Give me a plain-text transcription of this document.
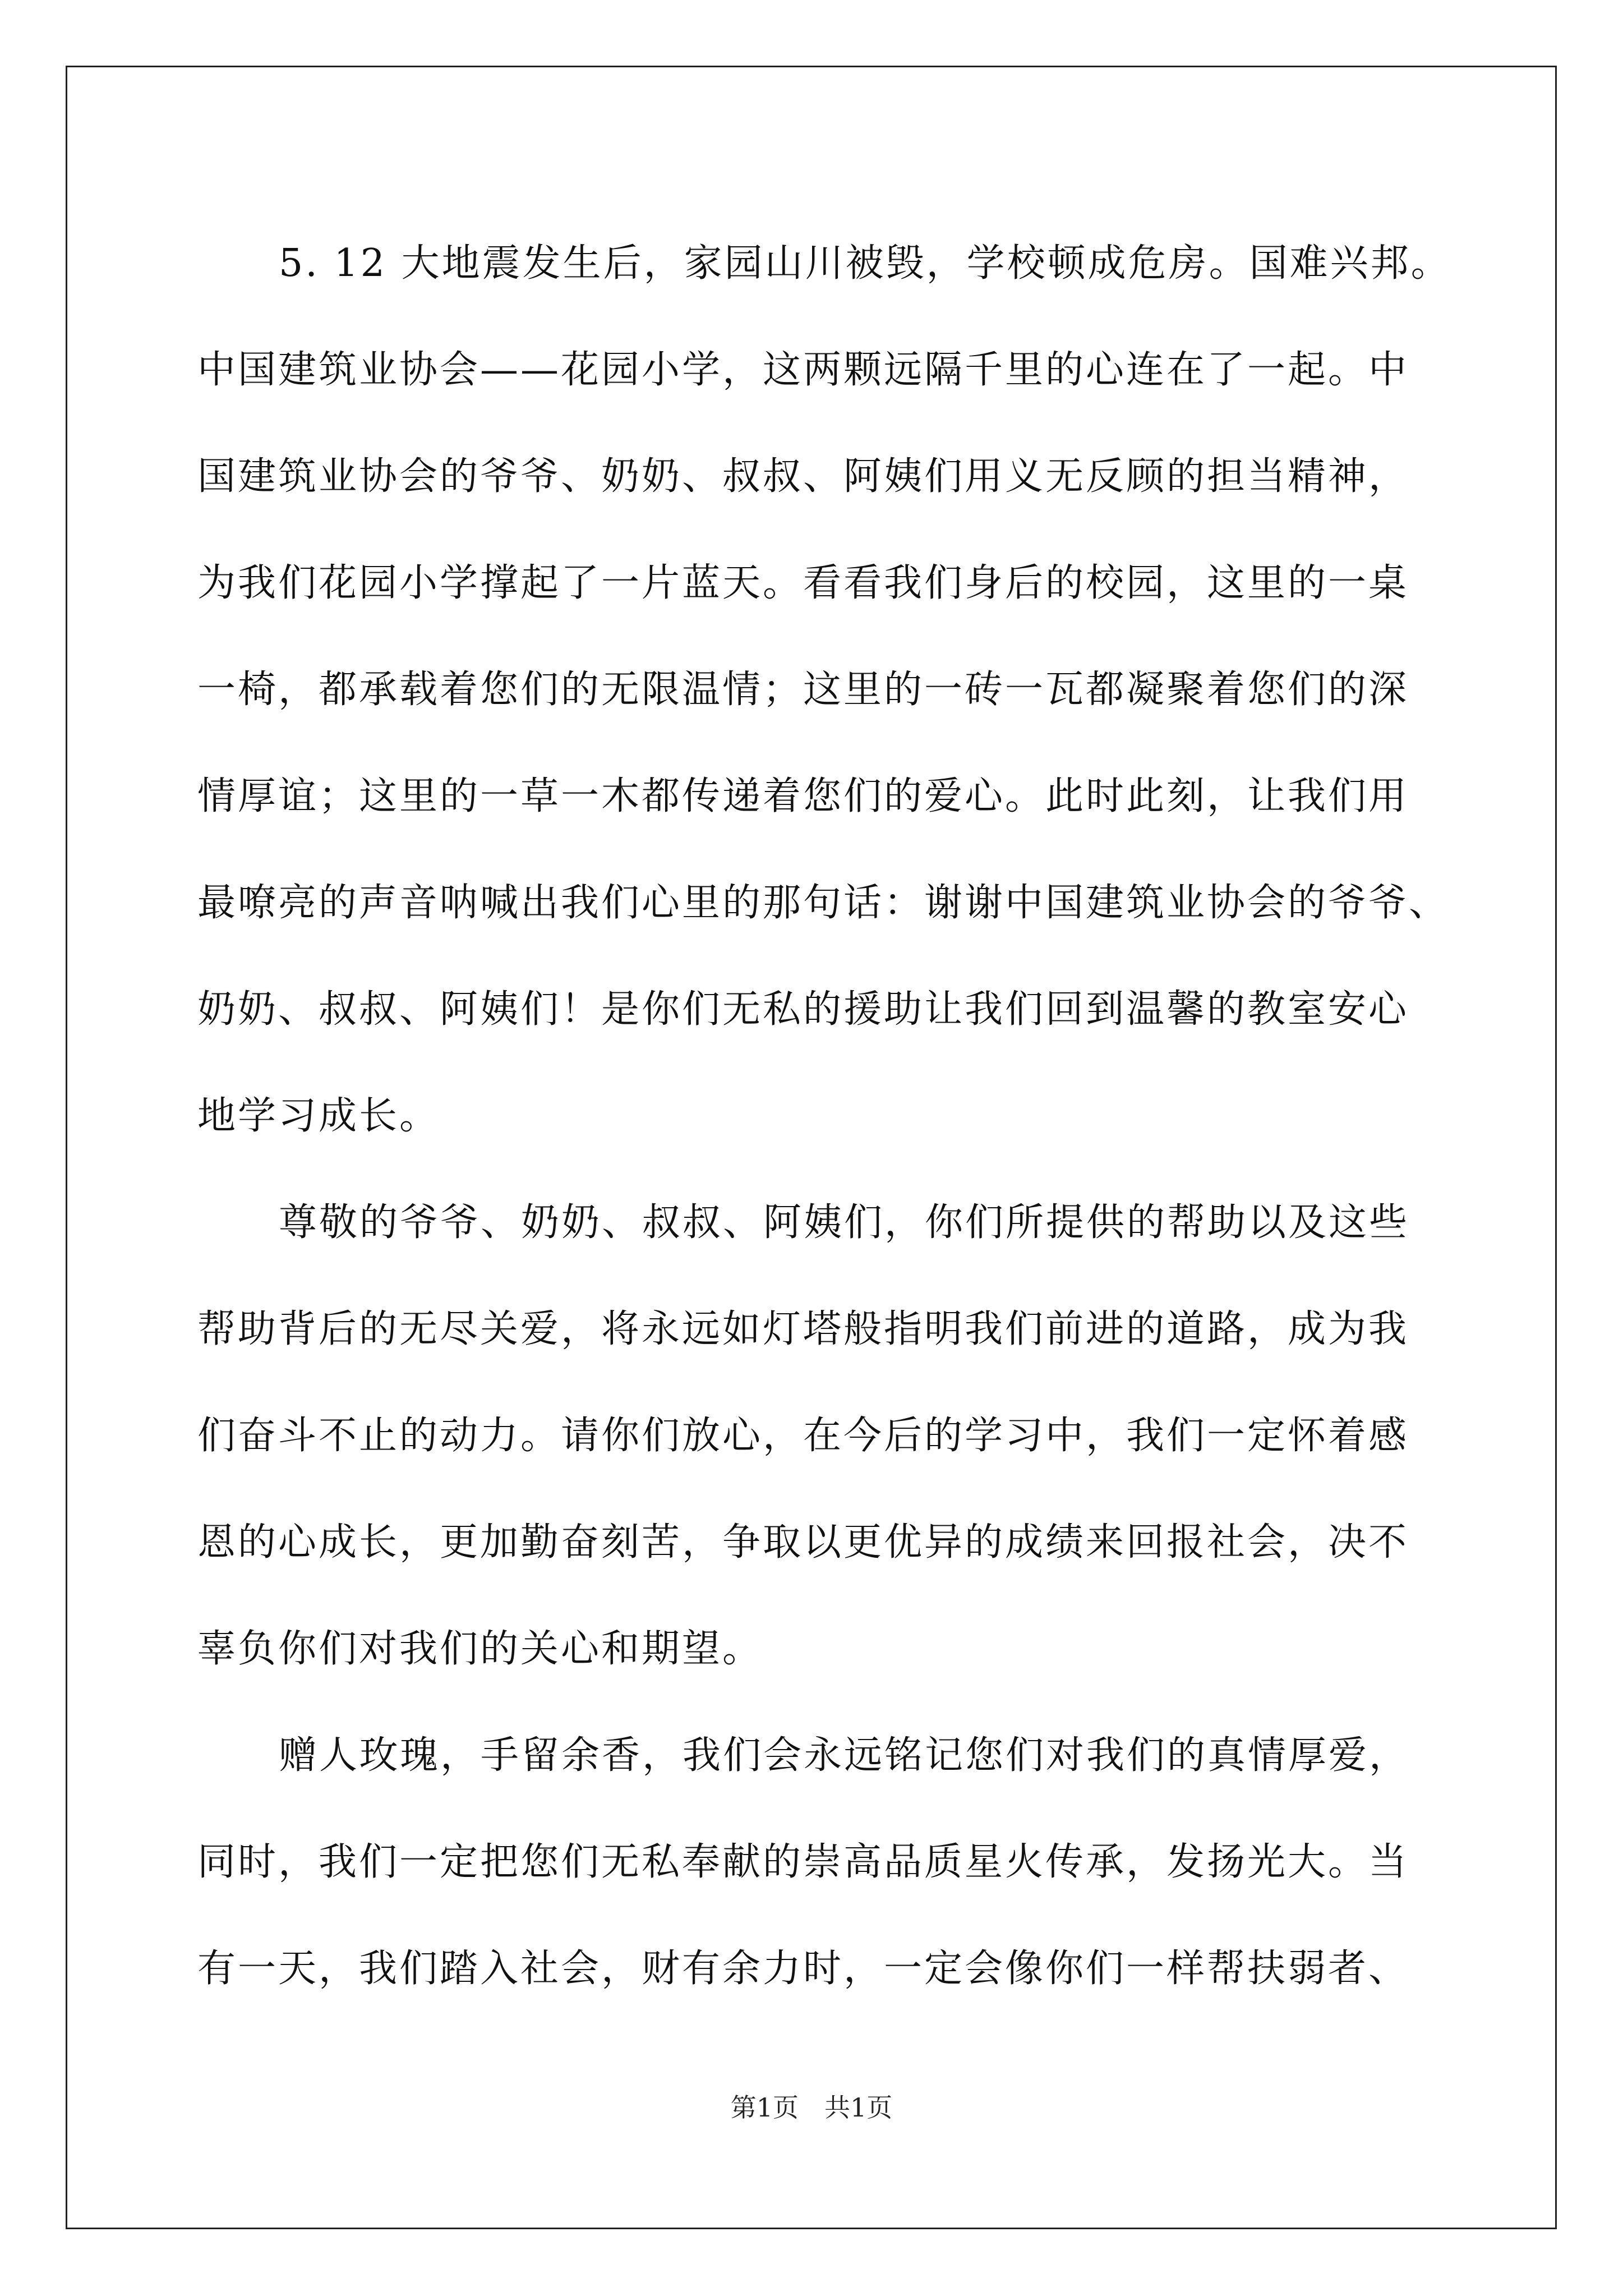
5. 12 大地震发生后，家园山川被毁，学校顿成危房。国难兴邦。
中国建筑业协会——花园小学，这两颗远隔千里的心连在了一起。中
国建筑业协会的爷爷、奶奶、叔叔、阿姨们用义无反顾的担当精神，
为我们花园小学撑起了一片蓝天。看看我们身后的校园，这里的一桌
一椅，都承载着您们的无限温情；这里的一砖一瓦都凝聚着您们的深
情厚谊；这里的一草一木都传递着您们的爱心。此时此刻，让我们用
最嘹亮的声音呐喊出我们心里的那句话：谢谢中国建筑业协会的爷爷、
奶奶、叔叔、阿姨们！是你们无私的援助让我们回到温馨的教室安心
地学习成长。
尊敬的爷爷、奶奶、叔叔、阿姨们，你们所提供的帮助以及这些
帮助背后的无尽关爱，将永远如灯塔般指明我们前进的道路，成为我
们奋斗不止的动力。请你们放心，在今后的学习中，我们一定怀着感
恩的心成长，更加勤奋刻苦，争取以更优异的成绩来回报社会，决不
辜负你们对我们的关心和期望。
赠人玫瑰，手留余香，我们会永远铭记您们对我们的真情厚爱，
同时，我们一定把您们无私奉献的崇高品质星火传承，发扬光大。当
有一天，我们踏入社会，财有余力时，一定会像你们一样帮扶弱者、
第1页　共1页
